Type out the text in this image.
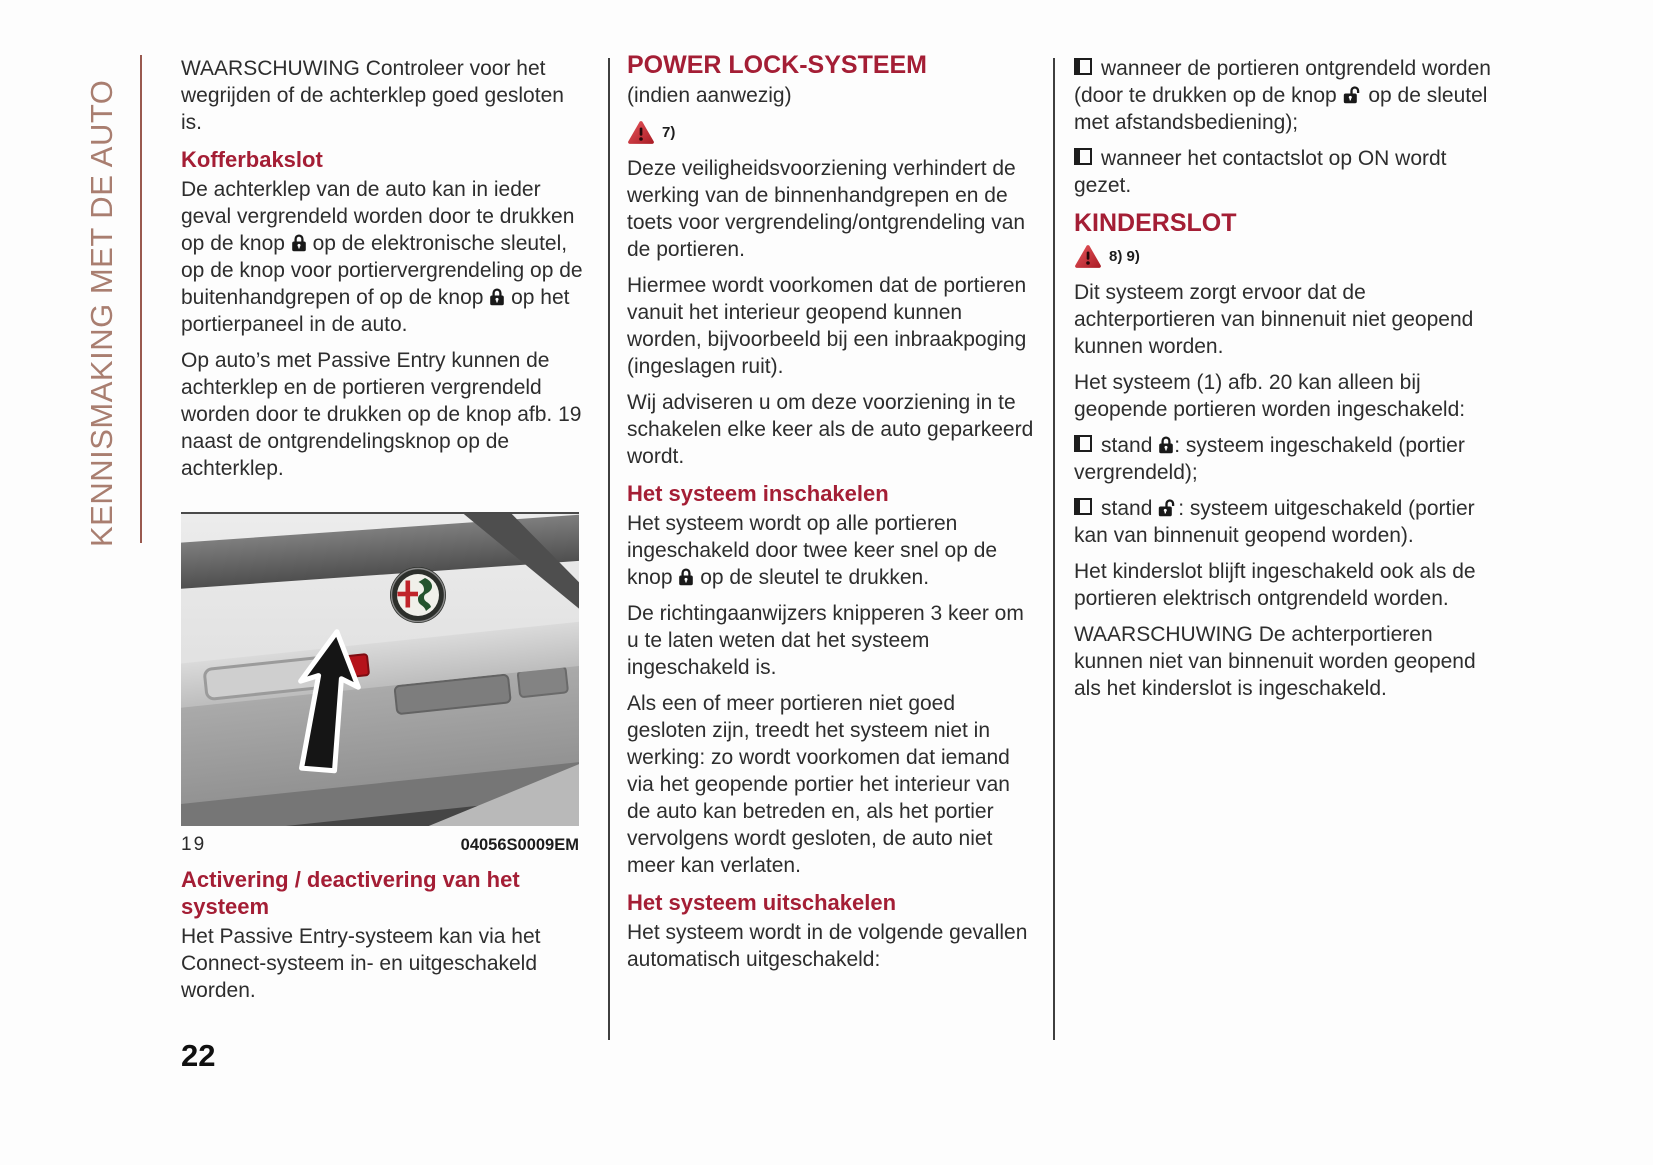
KENNISMAKING MET DE AUTO

WAARSCHUWING Controleer voor het wegrijden of de achterklep goed gesloten is.

Kofferbakslot

De achterklep van de auto kan in ieder geval vergrendeld worden door te drukken op de knop  op de elektronische sleutel, op de knop voor portiervergrendeling op de buitenhandgrepen of op de knop  op het portierpaneel in de auto.

Op auto’s met Passive Entry kunnen de achterklep en de portieren vergrendeld worden door te drukken op de knop afb. 19 naast de ontgrendelingsknop op de achterklep.

19	04056S0009EM
Activering / deactivering van het systeem

Het Passive Entry-systeem kan via het Connect-systeem in- en uitgeschakeld worden.

POWER LOCK-SYSTEEM

(indien aanwezig)

7)

Deze veiligheidsvoorziening verhindert de werking van de binnenhandgrepen en de toets voor vergrendeling/ontgrendeling van de portieren.

Hiermee wordt voorkomen dat de portieren vanuit het interieur geopend kunnen worden, bijvoorbeeld bij een inbraakpoging (ingeslagen ruit).

Wij adviseren u om deze voorziening in te schakelen elke keer als de auto geparkeerd wordt.

Het systeem inschakelen

Het systeem wordt op alle portieren ingeschakeld door twee keer snel op de knop  op de sleutel te drukken.

De richtingaanwijzers knipperen 3 keer om u te laten weten dat het systeem ingeschakeld is.

Als een of meer portieren niet goed gesloten zijn, treedt het systeem niet in werking: zo wordt voorkomen dat iemand via het geopende portier het interieur van de auto kan betreden en, als het portier vervolgens wordt gesloten, de auto niet meer kan verlaten.

Het systeem uitschakelen

Het systeem wordt in de volgende gevallen automatisch uitgeschakeld:

wanneer de portieren ontgrendeld worden (door te drukken op de knop  op de sleutel met afstandsbediening);

wanneer het contactslot op ON wordt gezet.

KINDERSLOT
8) 9)

Dit systeem zorgt ervoor dat de achterportieren van binnenuit niet geopend kunnen worden.

Het systeem (1) afb. 20 kan alleen bij geopende portieren worden ingeschakeld:

stand : systeem ingeschakeld (portier vergrendeld);

stand : systeem uitgeschakeld (portier kan van binnenuit geopend worden).

Het kinderslot blijft ingeschakeld ook als de portieren elektrisch ontgrendeld worden.

WAARSCHUWING De achterportieren kunnen niet van binnenuit worden geopend als het kinderslot is ingeschakeld.

22
